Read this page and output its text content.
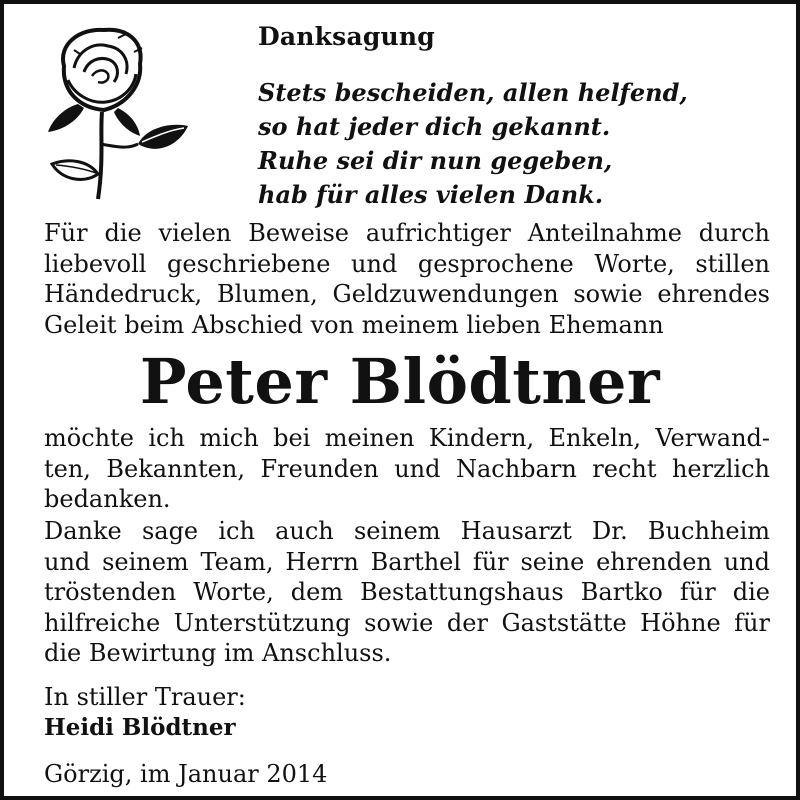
Danksagung
Stets bescheiden, allen helfend,
so hat jeder dich gekannt.
Ruhe sei dir nun gegeben,
hab für alles vielen Dank.
Für die vielen Beweise aufrichtiger Anteilnahme durch
liebevoll geschriebene und gesprochene Worte, stillen
Händedruck, Blumen, Geldzuwendungen sowie ehrendes
Geleit beim Abschied von meinem lieben Ehemann
Peter Blödtner
möchte ich mich bei meinen Kindern, Enkeln, Verwand-
ten, Bekannten, Freunden und Nachbarn recht herzlich
bedanken.
Danke sage ich auch seinem Hausarzt Dr. Buchheim
und seinem Team, Herrn Barthel für seine ehrenden und
tröstenden Worte, dem Bestattungshaus Bartko für die
hilfreiche Unterstützung sowie der Gaststätte Höhne für
die Bewirtung im Anschluss.
In stiller Trauer:
Heidi Blödtner
Görzig, im Januar 2014
